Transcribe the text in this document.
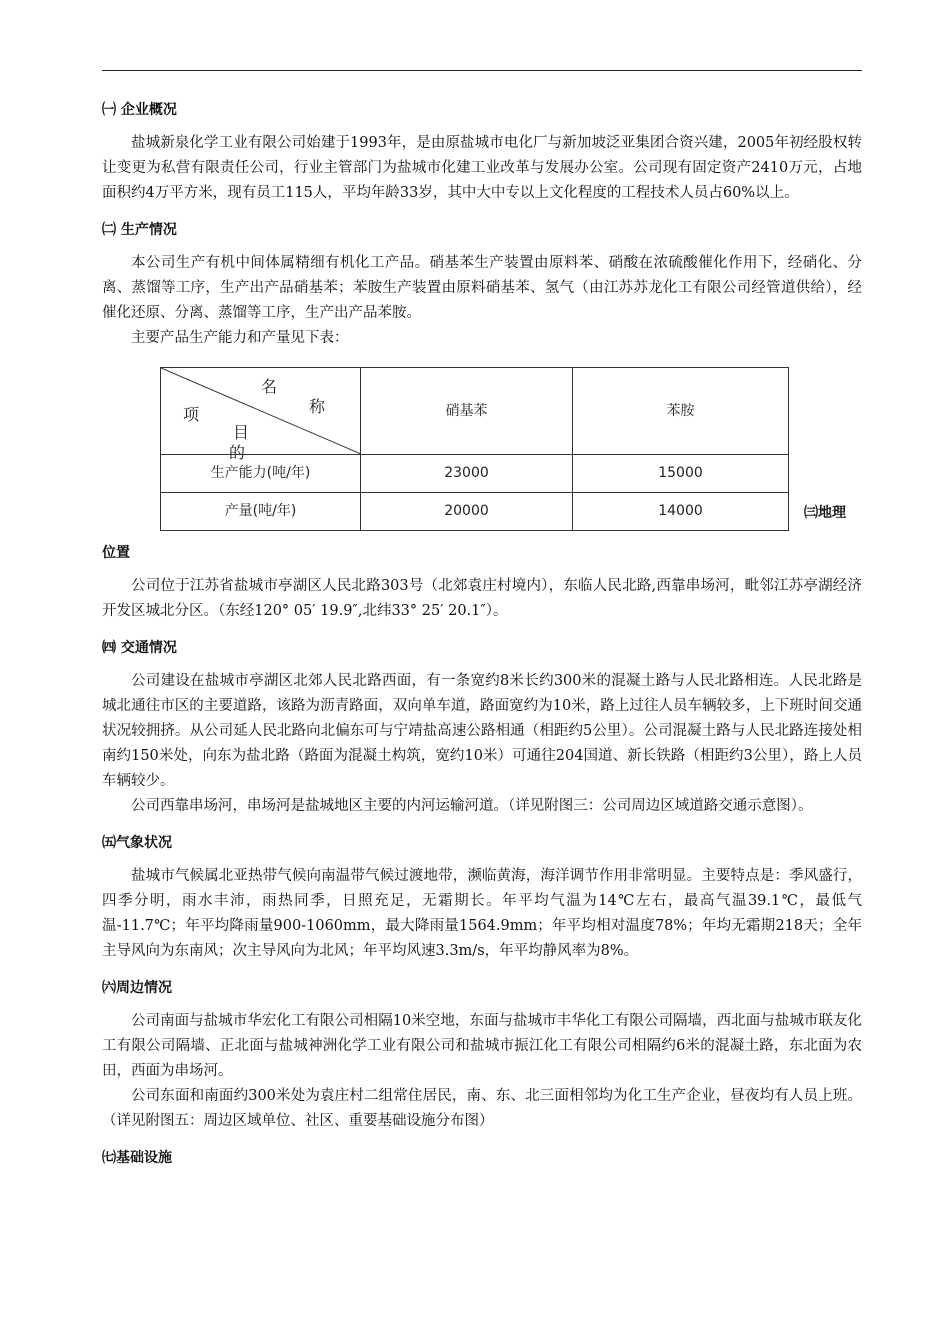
㈠ 企业概况

盐城新泉化学工业有限公司始建于1993年，是由原盐城市电化厂与新加坡泛亚集团合资兴建，2005年初经股权转让变更为私营有限责任公司，行业主管部门为盐城市化建工业改革与发展办公室。公司现有固定资产2410万元，占地面积约4万平方米，现有员工115人，平均年龄33岁，其中大中专以上文化程度的工程技术人员占60%以上。

㈡ 生产情况

本公司生产有机中间体属精细有机化工产品。硝基苯生产装置由原料苯、硝酸在浓硫酸催化作用下，经硝化、分离、蒸馏等工序，生产出产品硝基苯；苯胺生产装置由原料硝基苯、氢气（由江苏苏龙化工有限公司经管道供给），经催化还原、分离、蒸馏等工序，生产出产品苯胺。

主要产品生产能力和产量见下表：

名
称
项
目
的	硝基苯	苯胺
生产能力(吨/年)	23000	15000
产量(吨/年)	20000	14000	㈢地理
位置

公司位于江苏省盐城市亭湖区人民北路303号（北郊袁庄村境内），东临人民北路,西靠串场河，毗邻江苏亭湖经济开发区城北分区。（东经120° 05′ 19.9″,北纬33° 25′ 20.1″）。

㈣ 交通情况

公司建设在盐城市亭湖区北郊人民北路西面，有一条宽约8米长约300米的混凝土路与人民北路相连。人民北路是城北通往市区的主要道路，该路为沥青路面，双向单车道，路面宽约为10米，路上过往人员车辆较多，上下班时间交通状况较拥挤。从公司延人民北路向北偏东可与宁靖盐高速公路相通（相距约5公里）。公司混凝土路与人民北路连接处相南约150米处，向东为盐北路（路面为混凝土构筑，宽约10米）可通往204国道、新长铁路（相距约3公里），路上人员车辆较少。

公司西靠串场河，串场河是盐城地区主要的内河运输河道。（详见附图三：公司周边区域道路交通示意图）。

㈤气象状况

盐城市气候属北亚热带气候向南温带气候过渡地带，濒临黄海，海洋调节作用非常明显。主要特点是：季风盛行，四季分明，雨水丰沛，雨热同季，日照充足，无霜期长。年平均气温为14℃左右，最高气温39.1℃，最低气温-11.7℃；年平均降雨量900-1060mm，最大降雨量1564.9mm；年平均相对温度78%；年均无霜期218天；全年主导风向为东南风；次主导风向为北风；年平均风速3.3m/s，年平均静风率为8%。

㈥周边情况

公司南面与盐城市华宏化工有限公司相隔10米空地，东面与盐城市丰华化工有限公司隔墙，西北面与盐城市联友化工有限公司隔墙、正北面与盐城神洲化学工业有限公司和盐城市振江化工有限公司相隔约6米的混凝土路，东北面为农田，西面为串场河。

公司东面和南面约300米处为袁庄村二组常住居民，南、东、北三面相邻均为化工生产企业，昼夜均有人员上班。（详见附图五：周边区域单位、社区、重要基础设施分布图）

㈦基础设施
